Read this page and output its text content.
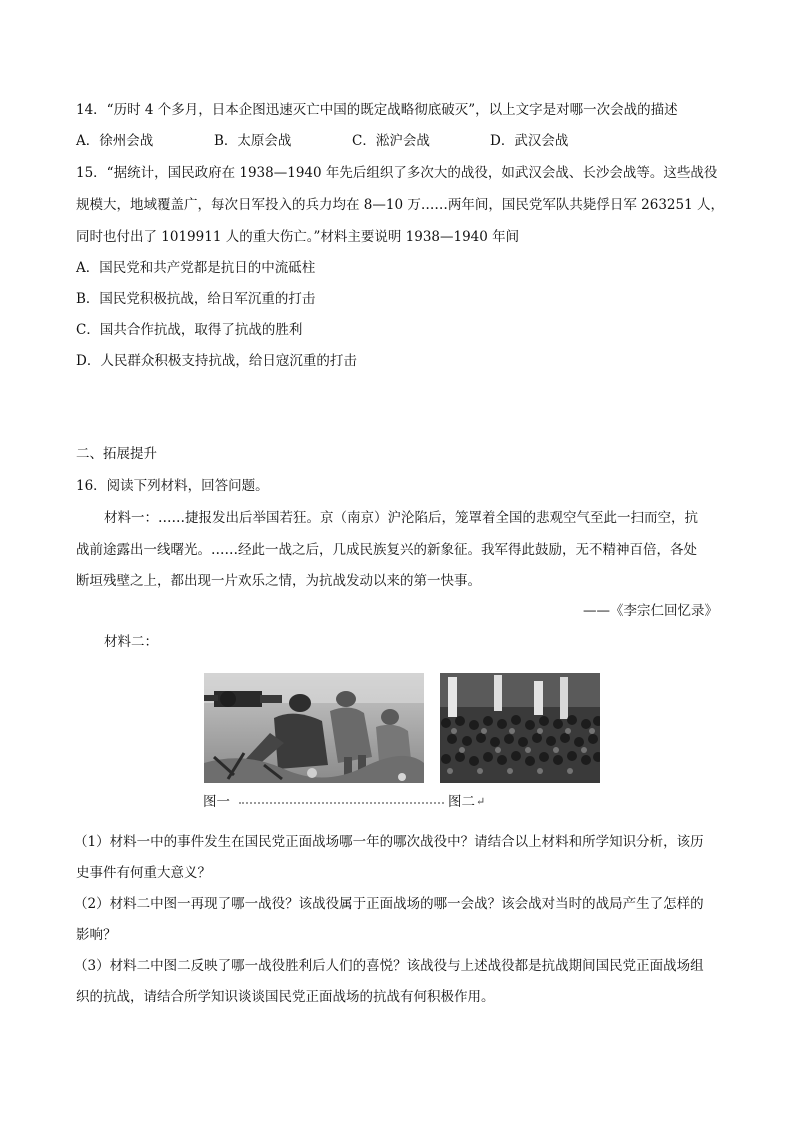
14．“历时 4 个多月，日本企图迅速灭亡中国的既定战略彻底破灭”，以上文字是对哪一次会战的描述
A．徐州会战	B．太原会战	C．淞沪会战	D．武汉会战
15．“据统计，国民政府在 1938—1940 年先后组织了多次大的战役，如武汉会战、长沙会战等。这些战役
规模大，地域覆盖广，每次日军投入的兵力均在 8—10 万……两年间，国民党军队共毙俘日军 263251 人，
同时也付出了 1019911 人的重大伤亡。”材料主要说明 1938—1940 年间
A．国民党和共产党都是抗日的中流砥柱
B．国民党积极抗战，给日军沉重的打击
C．国共合作抗战，取得了抗战的胜利
D．人民群众积极支持抗战，给日寇沉重的打击
二、拓展提升
16．阅读下列材料，回答问题。
材料一：……捷报发出后举国若狂。京（南京）沪沦陷后，笼罩着全国的悲观空气至此一扫而空，抗
战前途露出一线曙光。……经此一战之后，几成民族复兴的新象征。我军得此鼓励，无不精神百倍，各处
断垣残壁之上，都出现一片欢乐之情，为抗战发动以来的第一快事。
——《李宗仁回忆录》
材料二：
图一	图二 ↵
（1）材料一中的事件发生在国民党正面战场哪一年的哪次战役中？请结合以上材料和所学知识分析，该历
史事件有何重大意义？
（2）材料二中图一再现了哪一战役？该战役属于正面战场的哪一会战？该会战对当时的战局产生了怎样的
影响？
（3）材料二中图二反映了哪一战役胜利后人们的喜悦？该战役与上述战役都是抗战期间国民党正面战场组
织的抗战，请结合所学知识谈谈国民党正面战场的抗战有何积极作用。
